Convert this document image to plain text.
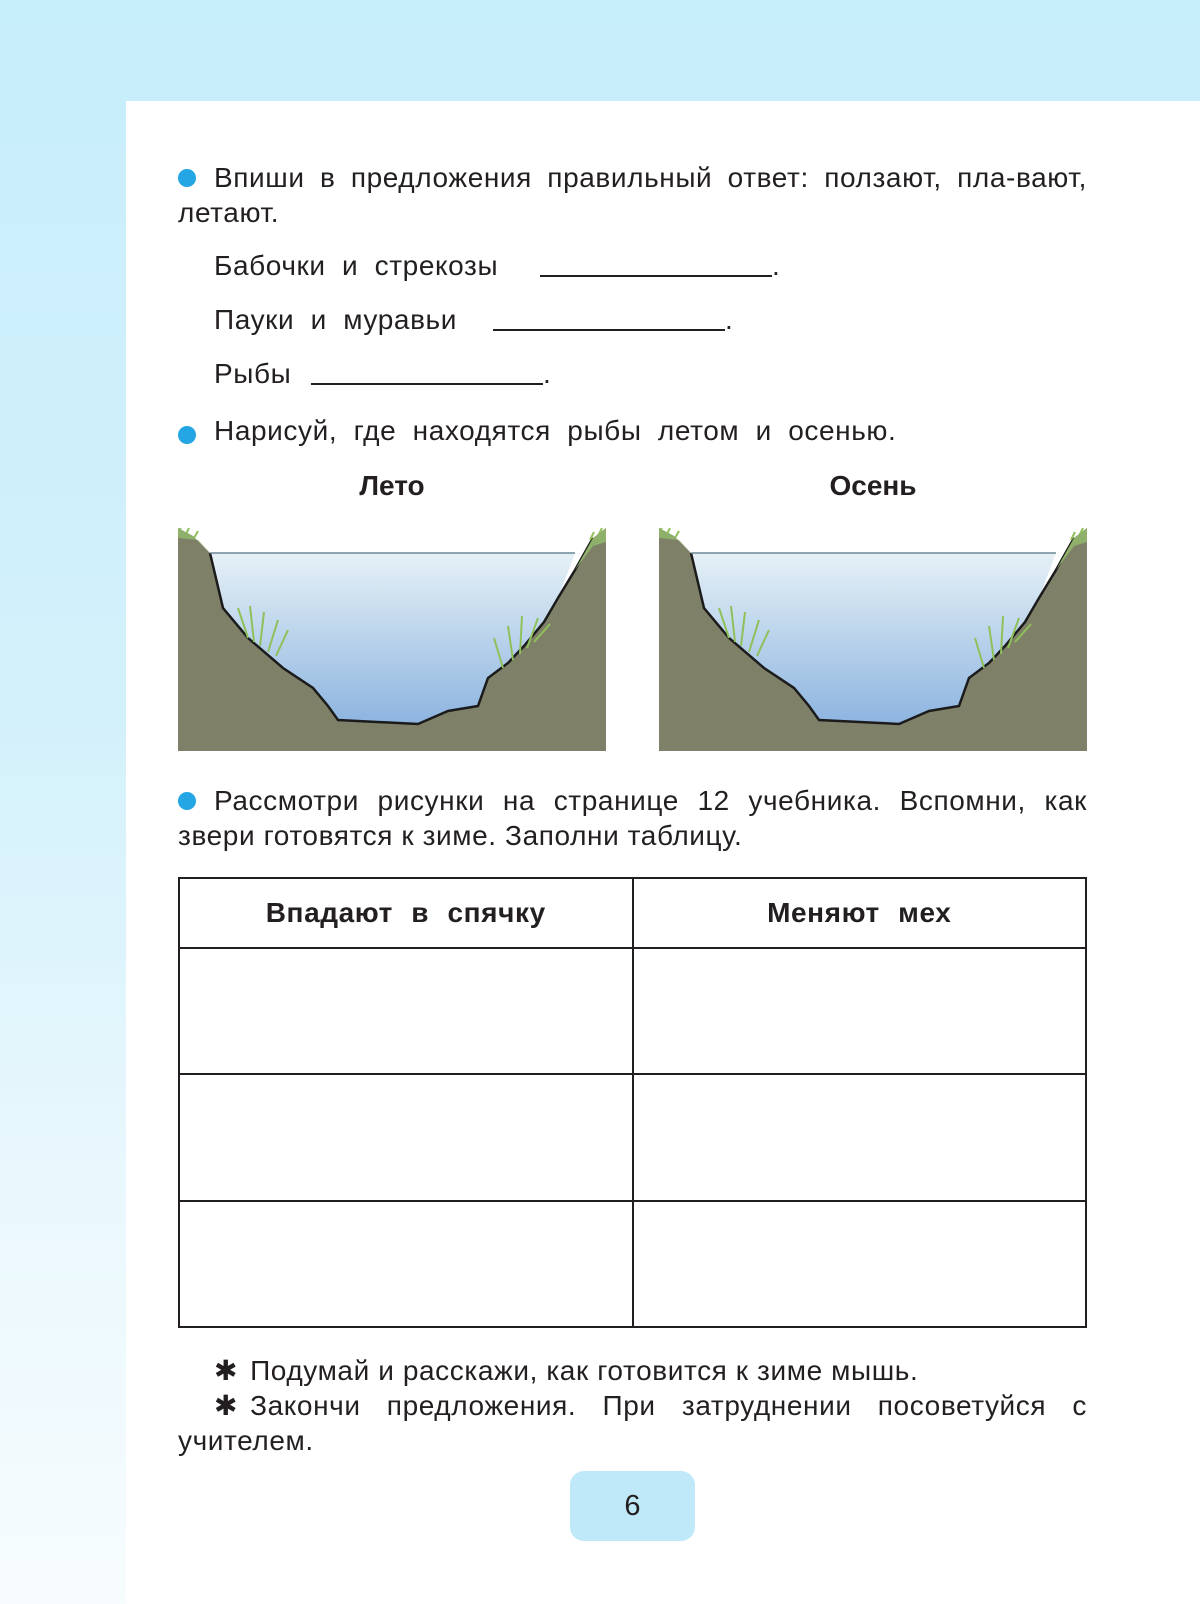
Впиши в предложения правильный ответ: ползают, пла-вают, летают.
Бабочки и стрекозы	.
Пауки и муравьи	.
Рыбы	.
Нарисуй, где находятся рыбы летом и осенью.
Лето	Осень
Рассмотри рисунки на странице 12 учебника. Вспомни, как звери готовятся к зиме. Заполни таблицу.
Впадают в спячку	Меняют мех

✱ Подумай и расскажи, как готовится к зиме мышь.
✱ Закончи предложения. При затруднении посоветуйся с учителем.
6
